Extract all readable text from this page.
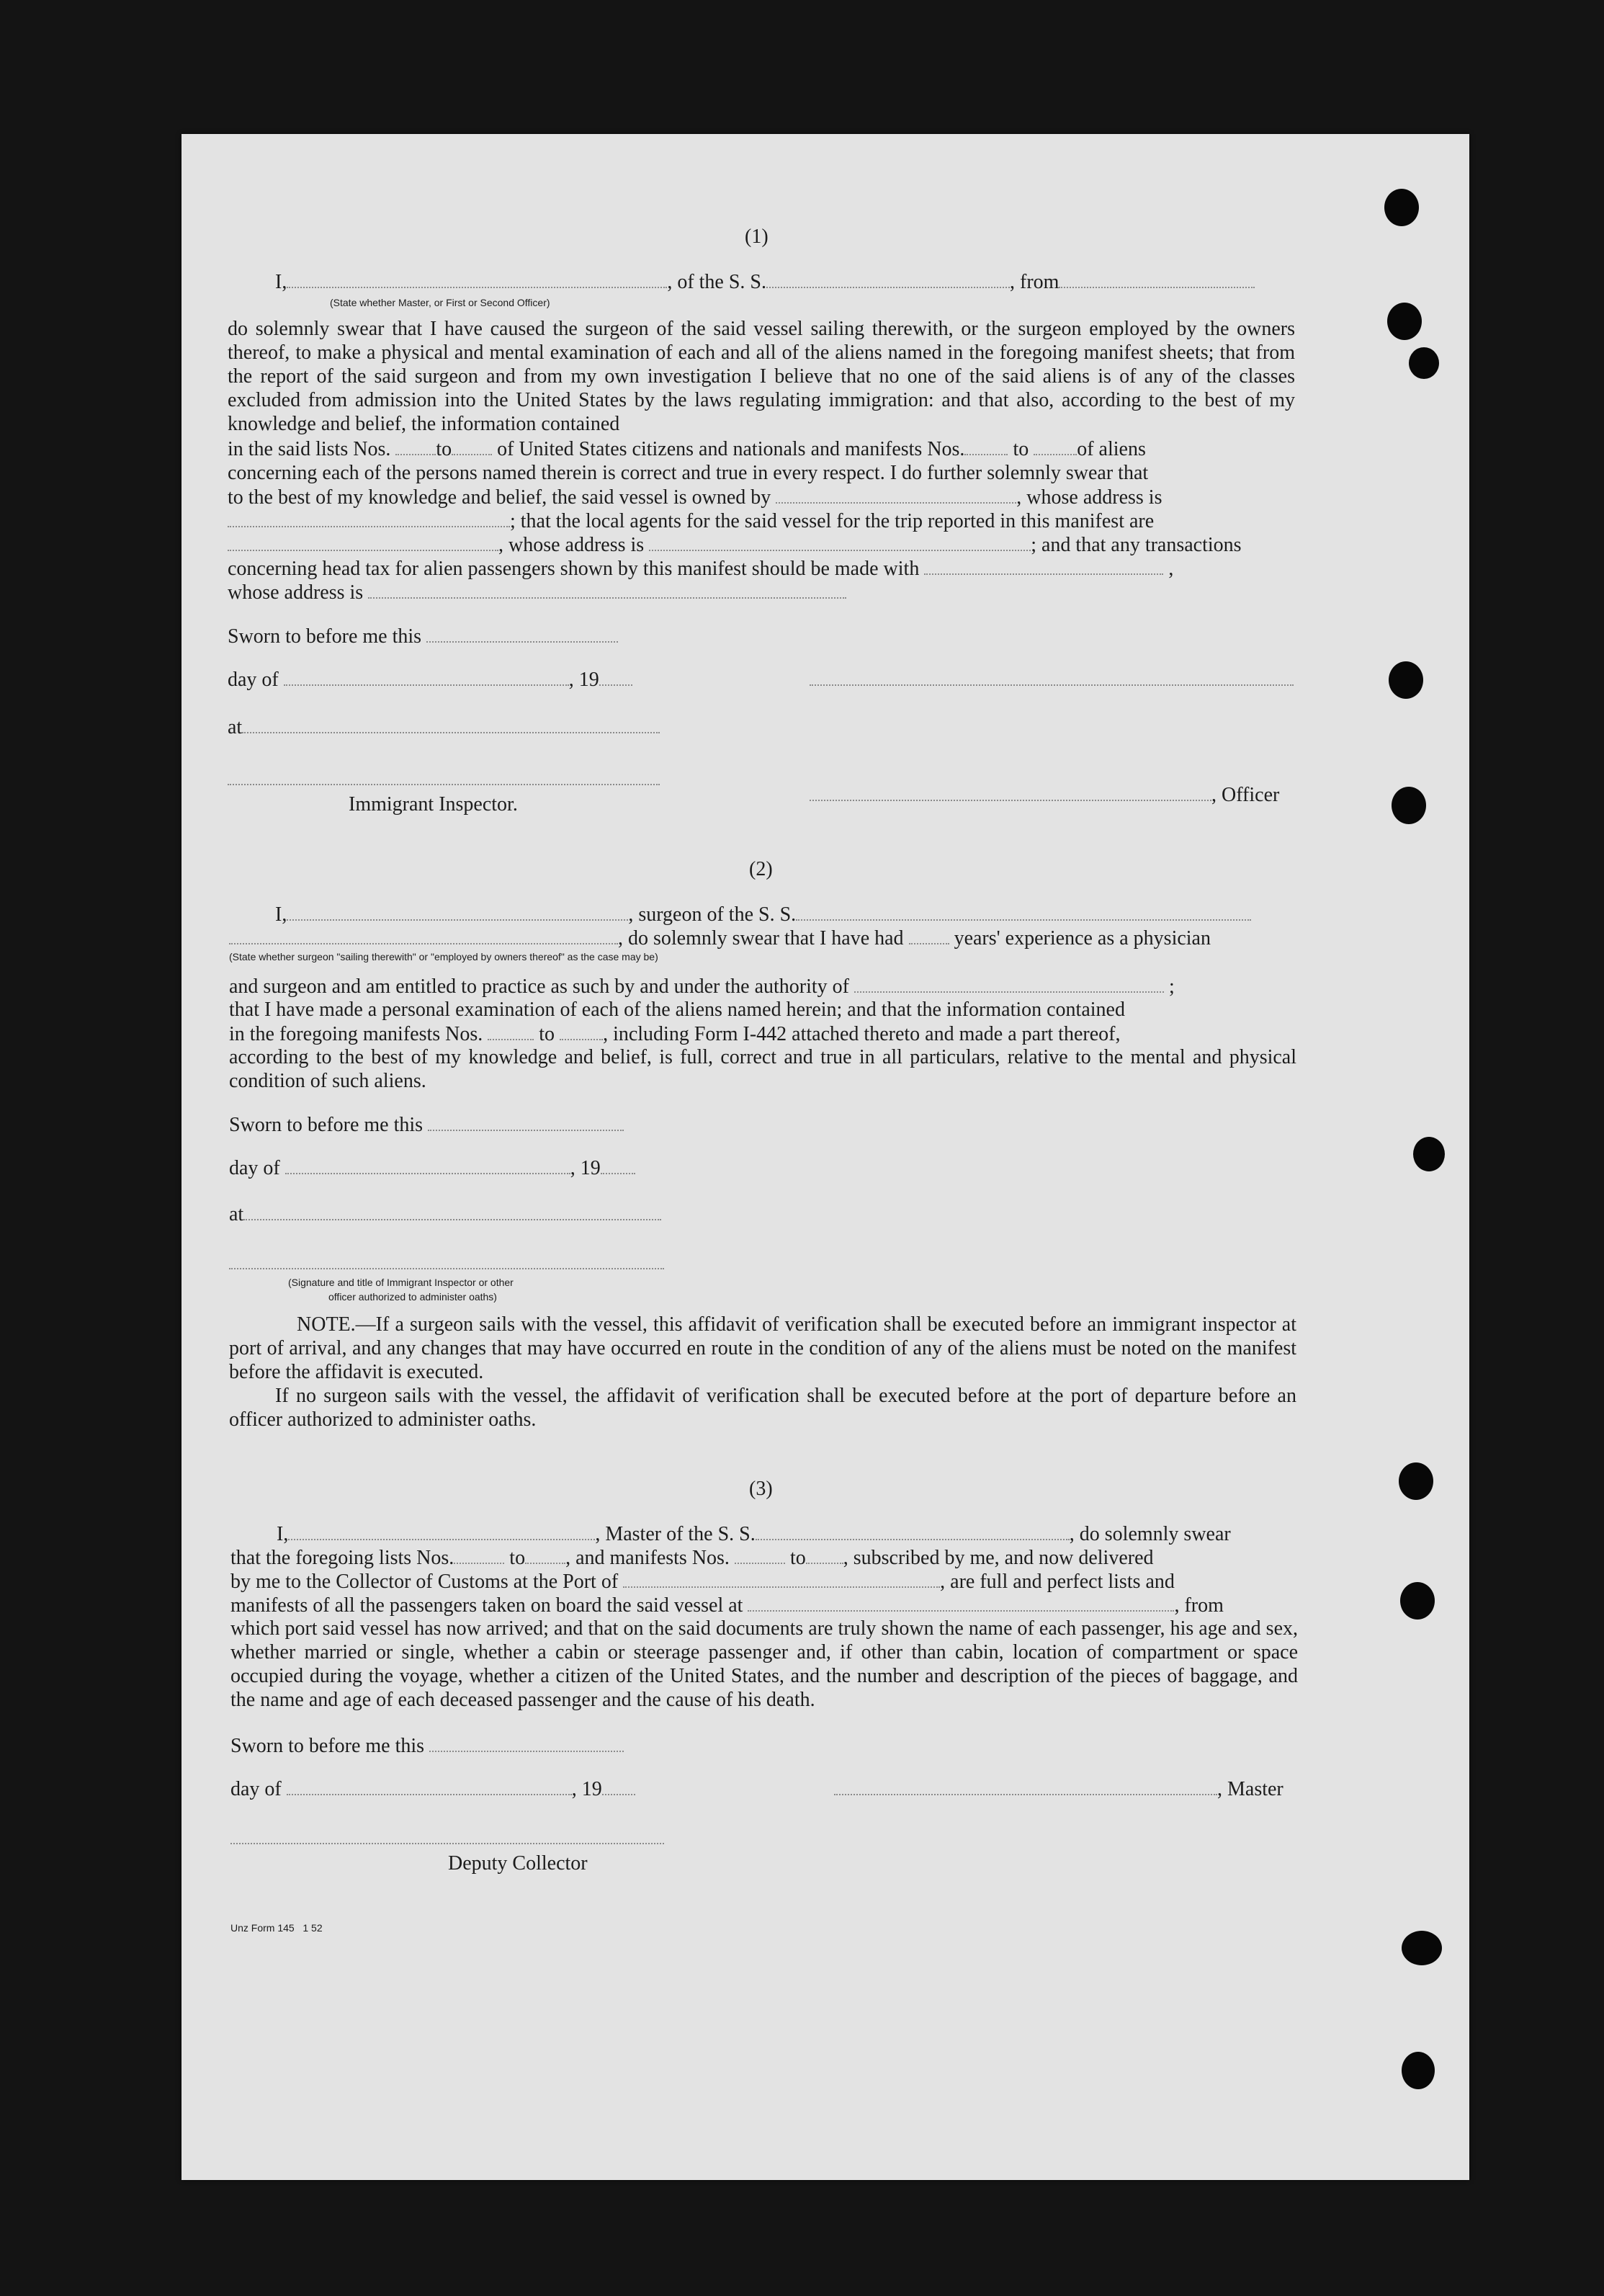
(1)
I,	, of the S. S.	, from
(State whether Master, or First or Second Officer)
do solemnly swear that I have caused the surgeon of the said vessel sailing therewith, or the surgeon employed by the owners thereof, to make a physical and mental examination of each and all of the aliens named in the foregoing manifest sheets; that from the report of the said surgeon and from my own investigation I believe that no one of the said aliens is of any of the classes excluded from admission into the United States by the laws regulating immigration: and that also, according to the best of my knowledge and belief, the information contained
in the said lists Nos. to of United States citizens and nationals and manifests Nos. to of aliens
concerning each of the persons named therein is correct and true in every respect. I do further solemnly swear that
to the best of my knowledge and belief, the said vessel is owned by	, whose address is
; that the local agents for the said vessel for the trip reported in this manifest are
, whose address is	; and that any transactions
concerning head tax for alien passengers shown by this manifest should be made with	,
whose address is
Sworn to before me this
day of	, 19
at
, Officer
Immigrant Inspector.
(2)
I,	, surgeon of the S. S.
, do solemnly swear that I have had	years' experience as a physician
(State whether surgeon "sailing therewith" or "employed by owners thereof" as the case may be)
and surgeon and am entitled to practice as such by and under the authority of	;
that I have made a personal examination of each of the aliens named herein; and that the information contained
in the foregoing manifests Nos.	to , including Form I-442 attached thereto and made a part thereof,
according to the best of my knowledge and belief, is full, correct and true in all particulars, relative to the mental and physical condition of such aliens.
Sworn to before me this
day of	, 19
at
(Signature and title of Immigrant Inspector or other
officer authorized to administer oaths)
NOTE.—If a surgeon sails with the vessel, this affidavit of verification shall be executed before an immigrant inspector at port of arrival, and any changes that may have occurred en route in the condition of any of the aliens must be noted on the manifest before the affidavit is executed.
If no surgeon sails with the vessel, the affidavit of verification shall be executed before at the port of departure before an officer authorized to administer oaths.
(3)
I,	, Master of the S. S.	, do solemnly swear
that the foregoing lists Nos.	to , and manifests Nos.	to , subscribed by me, and now delivered
by me to the Collector of Customs at the Port of	, are full and perfect lists and
manifests of all the passengers taken on board the said vessel at	, from
which port said vessel has now arrived; and that on the said documents are truly shown the name of each passenger, his age and sex, whether married or single, whether a cabin or steerage passenger and, if other than cabin, location of compartment or space occupied during the voyage, whether a citizen of the United States, and the number and description of the pieces of baggage, and the name and age of each deceased passenger and the cause of his death.
Sworn to before me this
day of	, 19	, Master
Deputy Collector
Unz Form 145   1 52
